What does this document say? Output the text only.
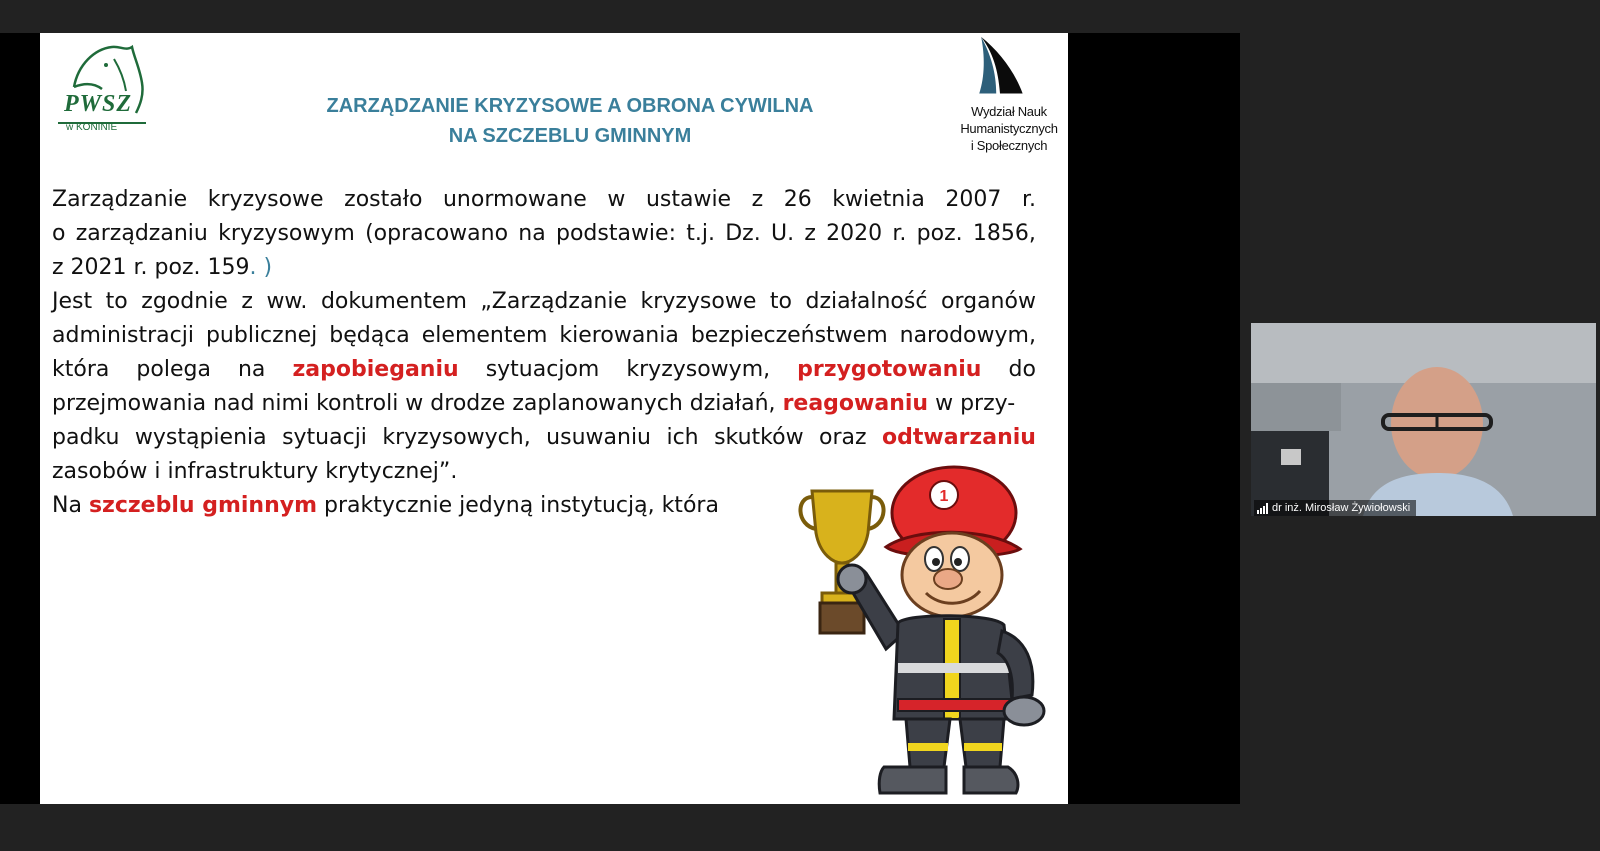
PWSZ
w KONINIE
ZARZĄDZANIE KRYZYSOWE A OBRONA CYWILNA
NA SZCZEBLU GMINNYM
Wydział Nauk
Humanistycznych
i Społecznych
Zarządzanie kryzysowe zostało unormowane w ustawie z 26 kwietnia 2007 r.
o zarządzaniu kryzysowym (opracowano na podstawie: t.j. Dz. U. z 2020 r. poz. 1856,
z 2021 r. poz. 159. )
Jest to zgodnie z ww. dokumentem „Zarządzanie kryzysowe to działalność organów
administracji publicznej będąca elementem kierowania bezpieczeństwem narodowym,
która polega na zapobieganiu sytuacjom kryzysowym, przygotowaniu do
przejmowania nad nimi kontroli w drodze zaplanowanych działań, reagowaniu w przy-
padku wystąpienia sytuacji kryzysowych, usuwaniu ich skutków oraz odtwarzaniu
zasobów i infrastruktury krytycznej”.
Na szczeblu gminnym praktycznie jedyną instytucją, która	1
dr inż. Mirosław Żywiołowski
